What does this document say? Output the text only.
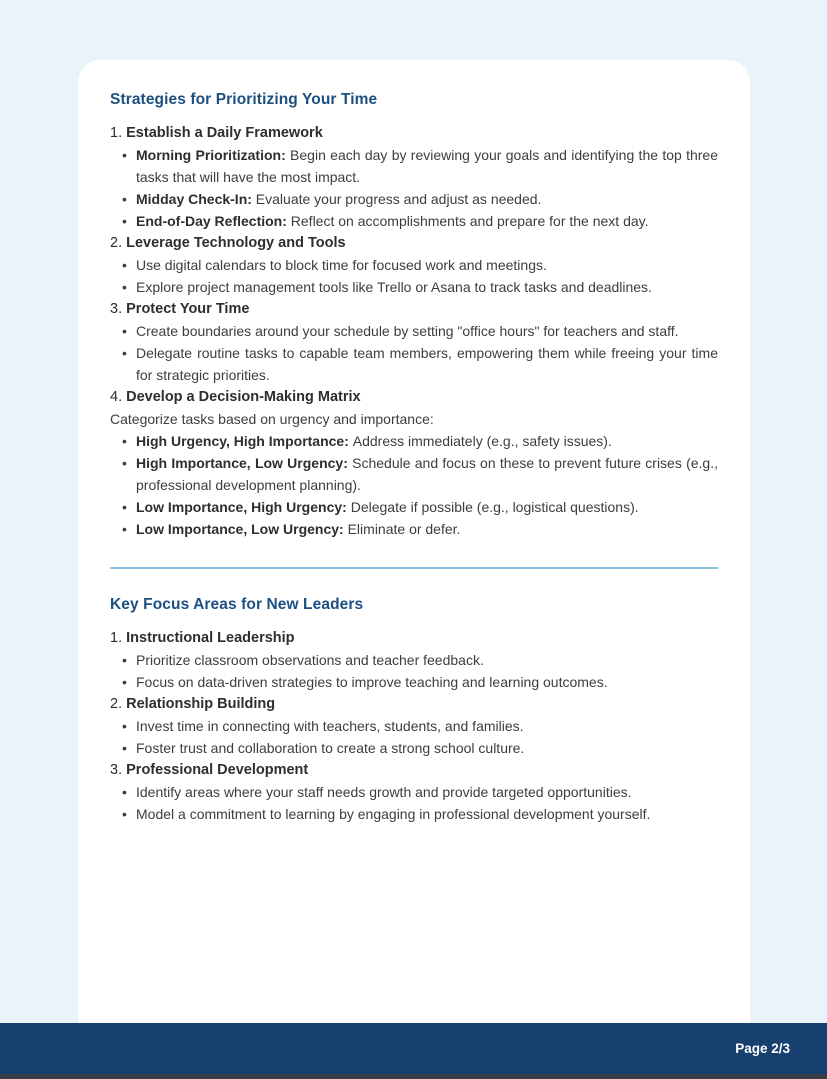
Strategies for Prioritizing Your Time
1. Establish a Daily Framework
• Morning Prioritization: Begin each day by reviewing your goals and identifying the top three tasks that will have the most impact.
• Midday Check-In: Evaluate your progress and adjust as needed.
• End-of-Day Reflection: Reflect on accomplishments and prepare for the next day.
2. Leverage Technology and Tools
• Use digital calendars to block time for focused work and meetings.
• Explore project management tools like Trello or Asana to track tasks and deadlines.
3. Protect Your Time
• Create boundaries around your schedule by setting "office hours" for teachers and staff.
• Delegate routine tasks to capable team members, empowering them while freeing your time for strategic priorities.
4. Develop a Decision-Making Matrix

Categorize tasks based on urgency and importance:

• High Urgency, High Importance: Address immediately (e.g., safety issues).
• High Importance, Low Urgency: Schedule and focus on these to prevent future crises (e.g., professional development planning).
• Low Importance, High Urgency: Delegate if possible (e.g., logistical questions).
• Low Importance, Low Urgency: Eliminate or defer.
Key Focus Areas for New Leaders
1. Instructional Leadership
• Prioritize classroom observations and teacher feedback.
• Focus on data-driven strategies to improve teaching and learning outcomes.
2. Relationship Building
• Invest time in connecting with teachers, students, and families.
• Foster trust and collaboration to create a strong school culture.
3. Professional Development
• Identify areas where your staff needs growth and provide targeted opportunities.
• Model a commitment to learning by engaging in professional development yourself.
Page 2/3
